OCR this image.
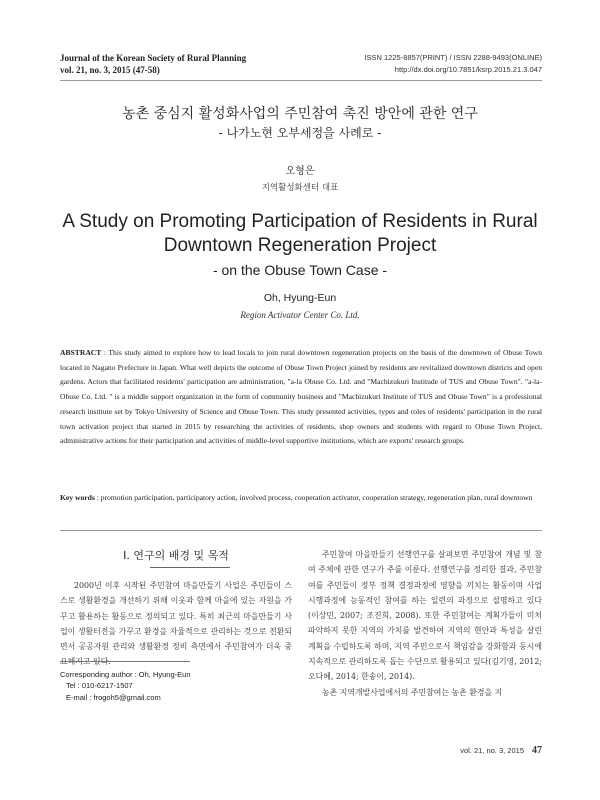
Journal of the Korean Society of Rural Planning
vol. 21, no. 3, 2015 (47-58)
ISSN 1225-8857(PRINT) / ISSN 2288-9493(ONLINE)
http://dx.doi.org/10.7851/ksrp.2015.21.3.047
농촌 중심지 활성화사업의 주민참여 촉진 방안에 관한 연구
- 나가노현 오부세정을 사례로 -
오형은
지역활성화센터 대표
A Study on Promoting Participation of Residents in Rural Downtown Regeneration Project
- on the Obuse Town Case -
Oh, Hyung-Eun
Region Activator Center Co. Ltd.
ABSTRACT : This study aimed to explore how to lead locals to join rural downtown regeneration projects on the basis of the downtown of Obuse Town located in Nagano Prefecture in Japan. What well depicts the outcome of Obuse Town Project joined by residents are revitalized downtown districts and open gardens. Actors that facilitated residents' participation are administration, "a-la Obuse Co. Ltd. and "Machizukuri Institude of TUS and Obuse Town". "a-la- Obuse Co. Ltd. " is a middle support organization in the form of community business and "Machizukuri Institute of TUS and Obuse Town" is a professional research institute set by Tokyo University of Science and Obuse Town. This study presented activities, types and roles of residents' participation in the rural town activation project that started in 2015 by researching the activities of residents, shop owners and students with regard to Obuse Town Project, administrative actions for their participation and activities of middle-level supportive institutions, which are exports' research groups.
Key words : promotion participation, participatory action, involved process, cooperation activator, cooperation strategy, regeneration plan, rural downtown
Ⅰ. 연구의 배경 및 목적
2000년 이후 시작된 주민참여 마을만들기 사업은 주민들이 스스로 생활환경을 개선하기 위해 이웃과 함께 마을에 있는 자원을 가꾸고 활용하는 활동으로 정의되고 있다. 특히 최근의 마을만들기 사업이 생활터전을 가꾸고 환경을 자율적으로 관리하는 것으로 전환되면서 공공자원 관리와 생활환경 정비 측면에서 주민참여가 더욱 중요해지고 있다.

주민참여 마을만들기 선행연구를 살펴보면 주민참여 개념 및 참여 주체에 관한 연구가 주를 이룬다. 선행연구를 정리한 결과, 주민참여를 주민들이 정부 정책 결정과정에 영향을 끼치는 활동이며 사업 시행과정에 능동적인 참여를 하는 일련의 과정으로 설명하고 있다(이상민, 2007; 조진희, 2008). 또한 주민참여는 계획가들이 미처 파악하지 못한 지역의 가치를 발견하여 지역의 현안과 특성을 살린 계획을 수립하도록 하며, 지역 주민으로서 책임감을 강화함과 동시에 지속적으로 관리하도록 돕는 수단으로 활용되고 있다(김기영, 2012; 오다혜, 2014; 한송이, 2014).

농촌 지역개발사업에서의 주민참여는 농촌 환경을 지

Corresponding author : Oh, Hyung-Eun
Tel : 010-6217-1507
E-mail : frogoh5@gmail.com
vol. 21, no. 3, 2015 47
